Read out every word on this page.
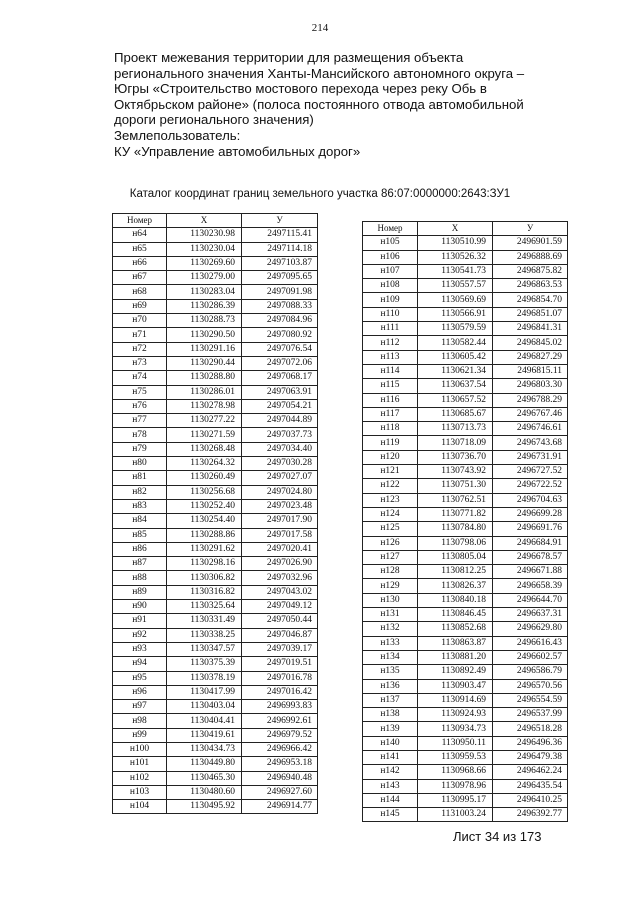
214
Проект межевания территории для размещения объекта
регионального значения Ханты-Мансийского автономного округа –
Югры «Строительство мостового перехода через реку Обь в
Октябрьском районе» (полоса постоянного отвода автомобильной
дороги регионального значения)
Землепользователь:
КУ «Управление автомобильных дорог»
Каталог координат границ земельного участка 86:07:0000000:2643:ЗУ1
Номер	X	У
н64	1130230.98	2497115.41
н65	1130230.04	2497114.18
н66	1130269.60	2497103.87
н67	1130279.00	2497095.65
н68	1130283.04	2497091.98
н69	1130286.39	2497088.33
н70	1130288.73	2497084.96
н71	1130290.50	2497080.92
н72	1130291.16	2497076.54
н73	1130290.44	2497072.06
н74	1130288.80	2497068.17
н75	1130286.01	2497063.91
н76	1130278.98	2497054.21
н77	1130277.22	2497044.89
н78	1130271.59	2497037.73
н79	1130268.48	2497034.40
н80	1130264.32	2497030.28
н81	1130260.49	2497027.07
н82	1130256.68	2497024.80
н83	1130252.40	2497023.48
н84	1130254.40	2497017.90
н85	1130288.86	2497017.58
н86	1130291.62	2497020.41
н87	1130298.16	2497026.90
н88	1130306.82	2497032.96
н89	1130316.82	2497043.02
н90	1130325.64	2497049.12
н91	1130331.49	2497050.44
н92	1130338.25	2497046.87
н93	1130347.57	2497039.17
н94	1130375.39	2497019.51
н95	1130378.19	2497016.78
н96	1130417.99	2497016.42
н97	1130403.04	2496993.83
н98	1130404.41	2496992.61
н99	1130419.61	2496979.52
н100	1130434.73	2496966.42
н101	1130449.80	2496953.18
н102	1130465.30	2496940.48
н103	1130480.60	2496927.60
н104	1130495.92	2496914.77
Номер	X	У
н105	1130510.99	2496901.59
н106	1130526.32	2496888.69
н107	1130541.73	2496875.82
н108	1130557.57	2496863.53
н109	1130569.69	2496854.70
н110	1130566.91	2496851.07
н111	1130579.59	2496841.31
н112	1130582.44	2496845.02
н113	1130605.42	2496827.29
н114	1130621.34	2496815.11
н115	1130637.54	2496803.30
н116	1130657.52	2496788.29
н117	1130685.67	2496767.46
н118	1130713.73	2496746.61
н119	1130718.09	2496743.68
н120	1130736.70	2496731.91
н121	1130743.92	2496727.52
н122	1130751.30	2496722.52
н123	1130762.51	2496704.63
н124	1130771.82	2496699.28
н125	1130784.80	2496691.76
н126	1130798.06	2496684.91
н127	1130805.04	2496678.57
н128	1130812.25	2496671.88
н129	1130826.37	2496658.39
н130	1130840.18	2496644.70
н131	1130846.45	2496637.31
н132	1130852.68	2496629.80
н133	1130863.87	2496616.43
н134	1130881.20	2496602.57
н135	1130892.49	2496586.79
н136	1130903.47	2496570.56
н137	1130914.69	2496554.59
н138	1130924.93	2496537.99
н139	1130934.73	2496518.28
н140	1130950.11	2496496.36
н141	1130959.53	2496479.38
н142	1130968.66	2496462.24
н143	1130978.96	2496435.54
н144	1130995.17	2496410.25
н145	1131003.24	2496392.77
Лист 34 из 173
